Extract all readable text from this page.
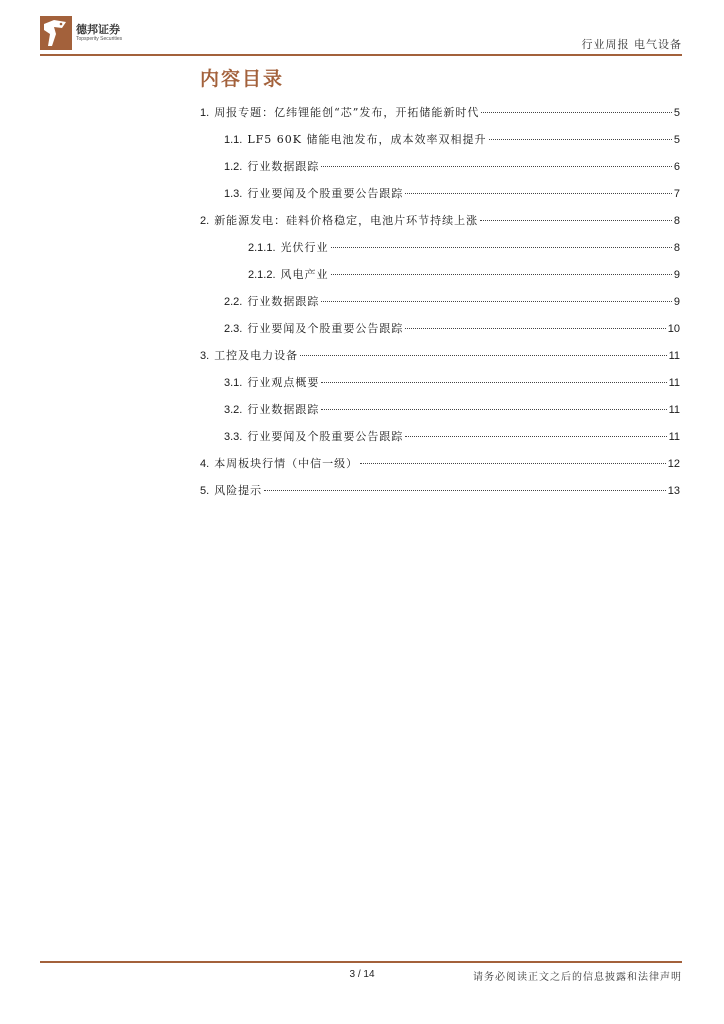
德邦证券
Topsperity Securities	行业周报 电气设备
内容目录
1. 周报专题：亿纬锂能创“芯”发布，开拓储能新时代	5
1.1. LF5 60K 储能电池发布，成本效率双相提升	5
1.2. 行业数据跟踪	6
1.3. 行业要闻及个股重要公告跟踪	7
2. 新能源发电：硅料价格稳定，电池片环节持续上涨	8
2.1.1. 光伏行业	8
2.1.2. 风电产业	9
2.2. 行业数据跟踪	9
2.3. 行业要闻及个股重要公告跟踪	10
3. 工控及电力设备	11
3.1. 行业观点概要	11
3.2. 行业数据跟踪	11
3.3. 行业要闻及个股重要公告跟踪	11
4. 本周板块行情（中信一级）	12
5. 风险提示	13
3 / 14	请务必阅读正文之后的信息披露和法律声明
